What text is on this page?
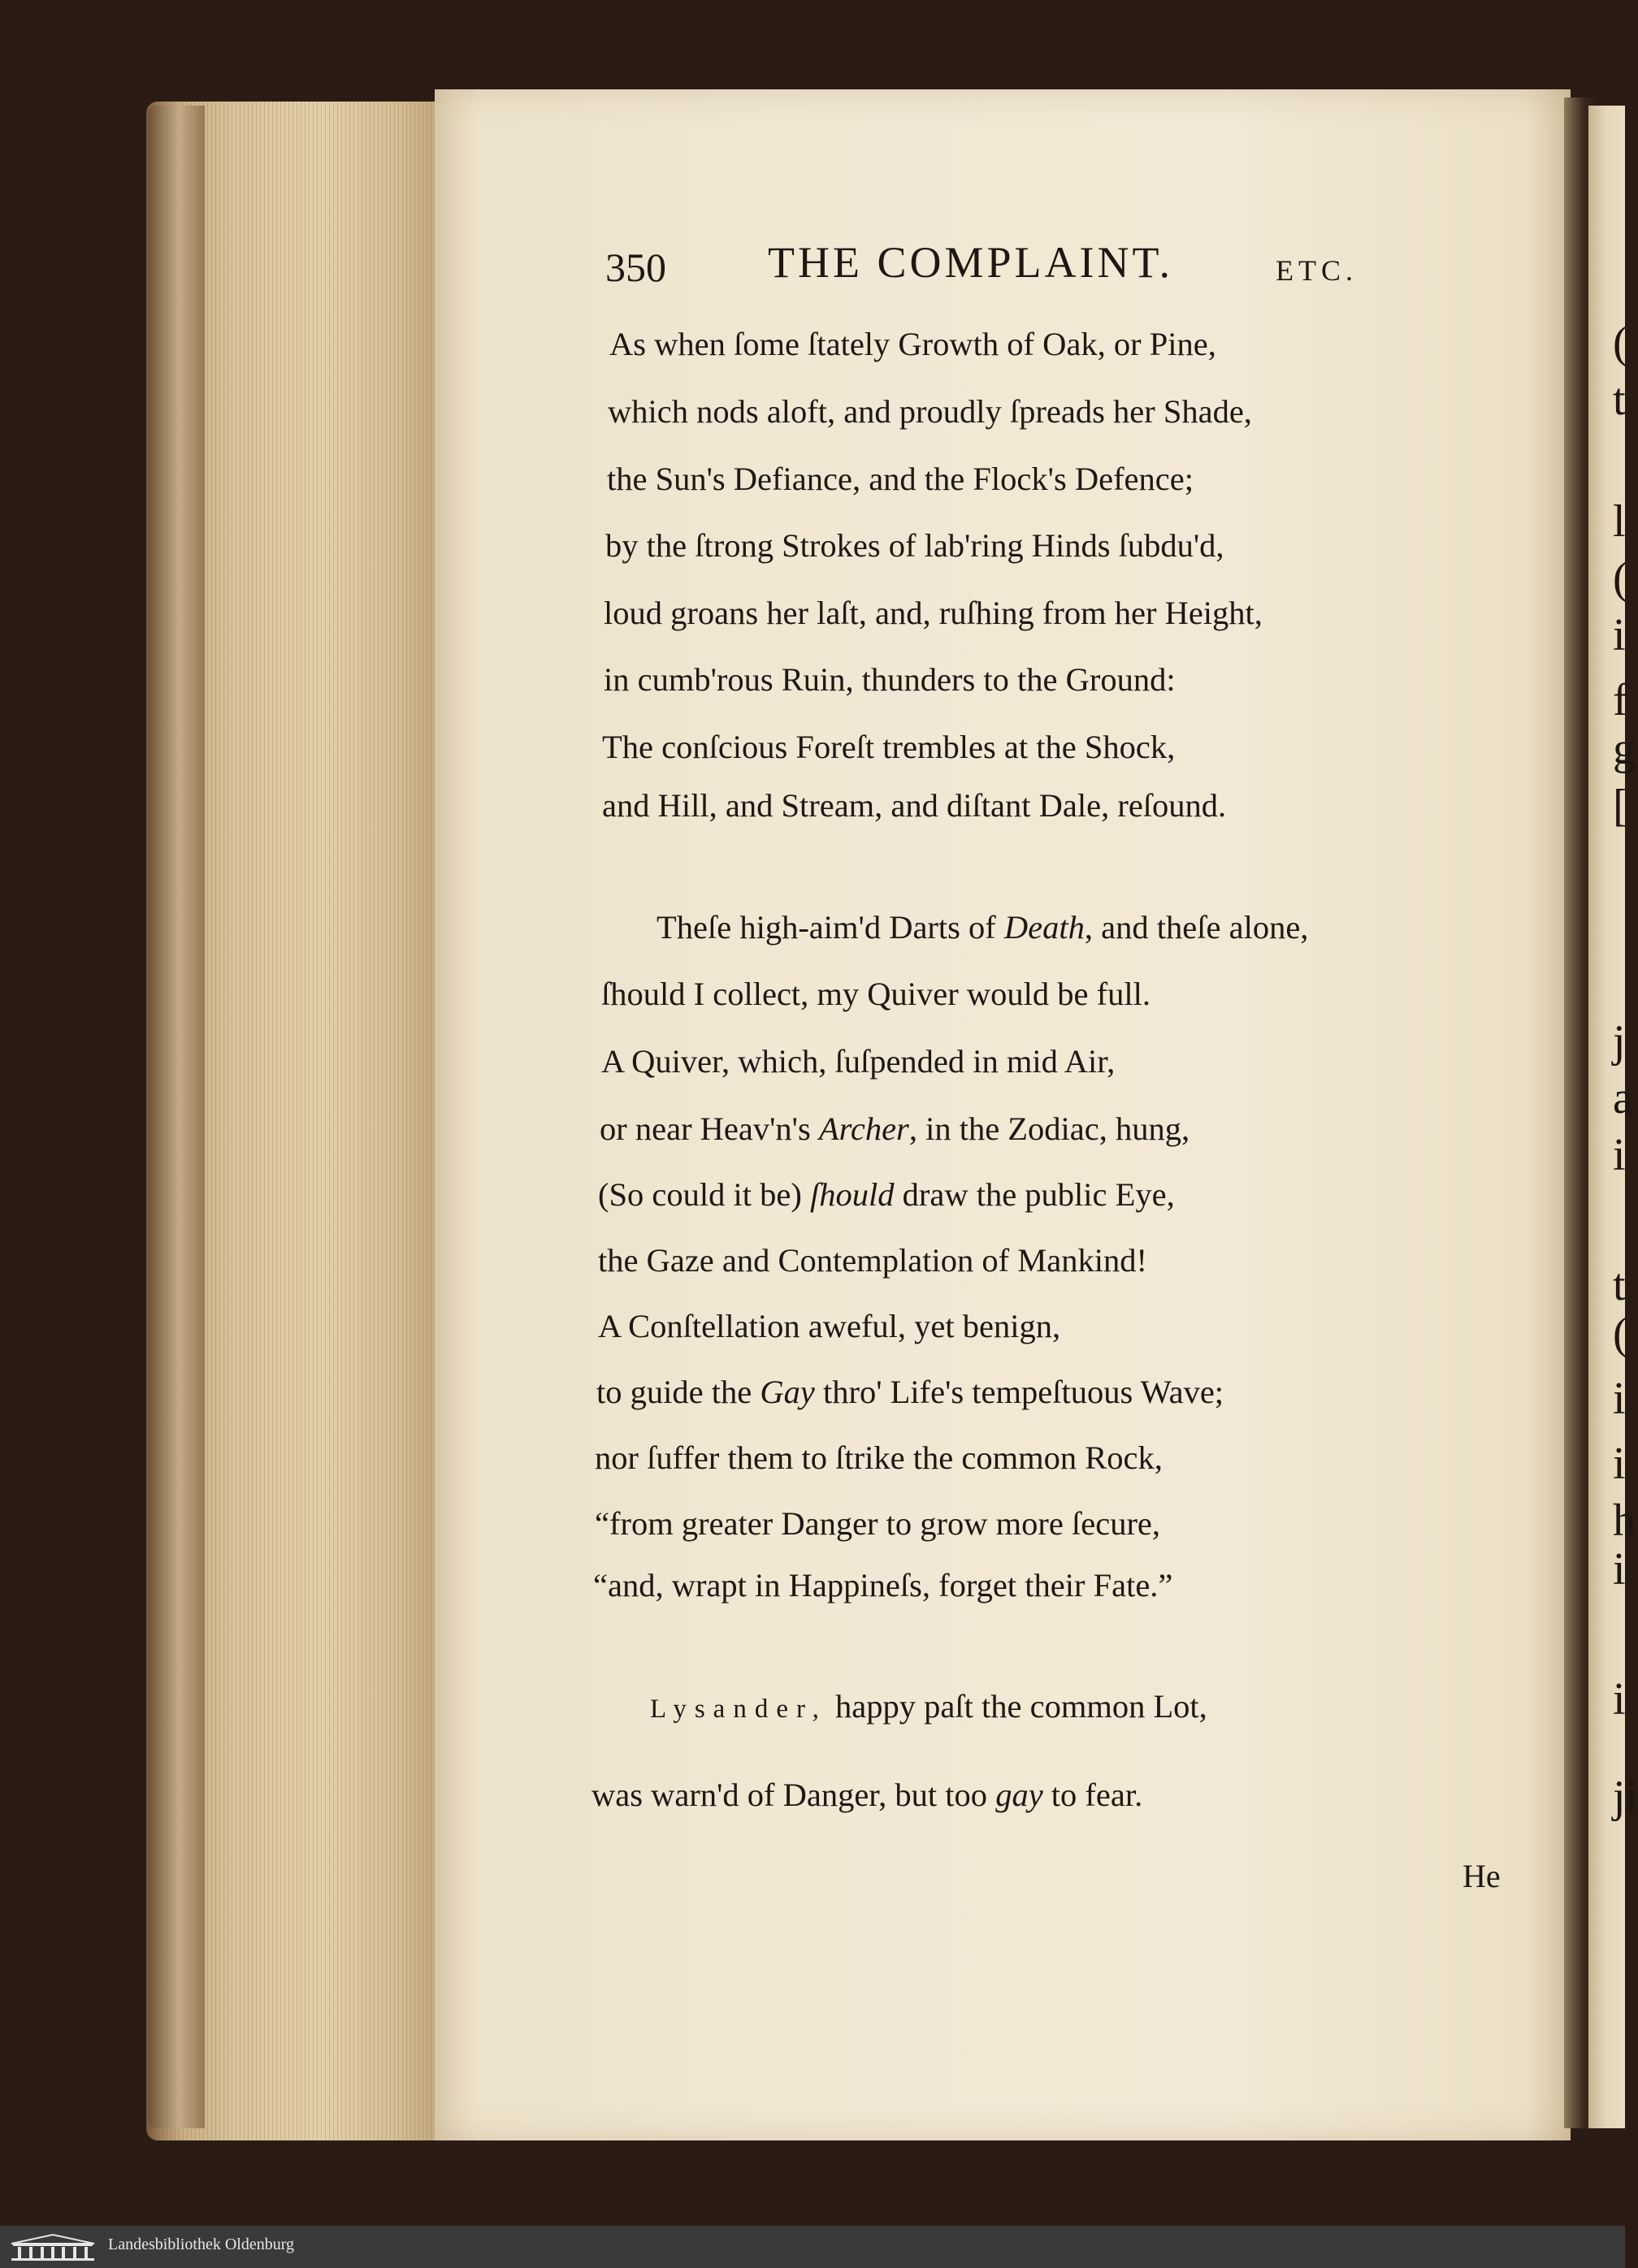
(
t
l
(
i
f
g
[
j
a
i
t
(
i
i
h
i
i
ji
350 THE COMPLAINT.	ETC.
As when ſome ſtately Growth of Oak, or Pine,
which nods aloft, and proudly ſpreads her Shade,
the Sun's Defiance, and the Flock's Defence;
by the ſtrong Strokes of lab'ring Hinds ſubdu'd,
loud groans her laſt, and, ruſhing from her Height,
in cumb'rous Ruin, thunders to the Ground:
The conſcious Foreſt trembles at the Shock,
and Hill, and Stream, and diſtant Dale, reſound.
Theſe high-aim'd Darts of Death, and theſe alone,
ſhould I collect, my Quiver would be full.
A Quiver, which, ſuſpended in mid Air,
or near Heav'n's Archer, in the Zodiac, hung,
(So could it be) ſhould draw the public Eye,
the Gaze and Contemplation of Mankind!
A Conſtellation aweful, yet benign,
to guide the Gay thro' Life's tempeſtuous Wave;
nor ſuffer them to ſtrike the common Rock,
“from greater Danger to grow more ſecure,
“and, wrapt in Happineſs, forget their Fate.”
Lysander, happy paſt the common Lot,
was warn'd of Danger, but too gay to fear.
He
Landesbibliothek Oldenburg
